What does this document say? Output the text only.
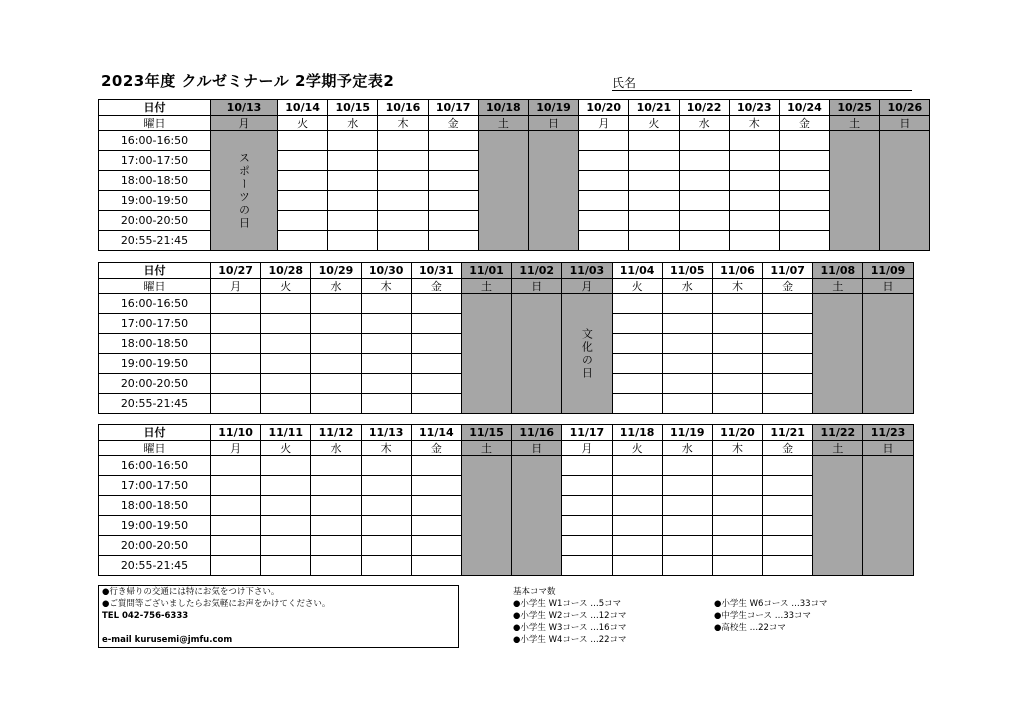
2023年度 クルゼミナール 2学期予定表2	氏名
日付	10/13	10/14	10/15	10/16	10/17	10/18	10/19	10/20	10/21	10/22	10/23	10/24	10/25	10/26
曜日	月	火	水	木	金	土	日	月	火	水	木	金	土	日
16:00-16:50	スポーツの日													

17:00-17:50														
18:00-18:50														
19:00-19:50														
20:00-20:50														
20:55-21:45														
日付	10/27	10/28	10/29	10/30	10/31	11/01	11/02	11/03	11/04	11/05	11/06	11/07	11/08	11/09
曜日	月	火	水	木	金	土	日	月	火	水	木	金	土	日
16:00-16:50								文化の日						

17:00-17:50														
18:00-18:50														
19:00-19:50														
20:00-20:50														
20:55-21:45														
日付	11/10	11/11	11/12	11/13	11/14	11/15	11/16	11/17	11/18	11/19	11/20	11/21	11/22	11/23
曜日	月	火	水	木	金	土	日	月	火	水	木	金	土	日
16:00-16:50														
17:00-17:50														
18:00-18:50														
19:00-19:50														
20:00-20:50														
20:55-21:45														
●行き帰りの交通には特にお気をつけ下さい。
●ご質問等ございましたらお気軽にお声をかけてください。
TEL 042-756-6333

e-mail kurusemi@jmfu.com
基本コマ数
●小学生 W1コース …5コマ
●小学生 W2コース …12コマ
●小学生 W3コース …16コマ
●小学生 W4コース …22コマ
●小学生 W6コース …33コマ
●中学生コース …33コマ
●高校生 …22コマ
